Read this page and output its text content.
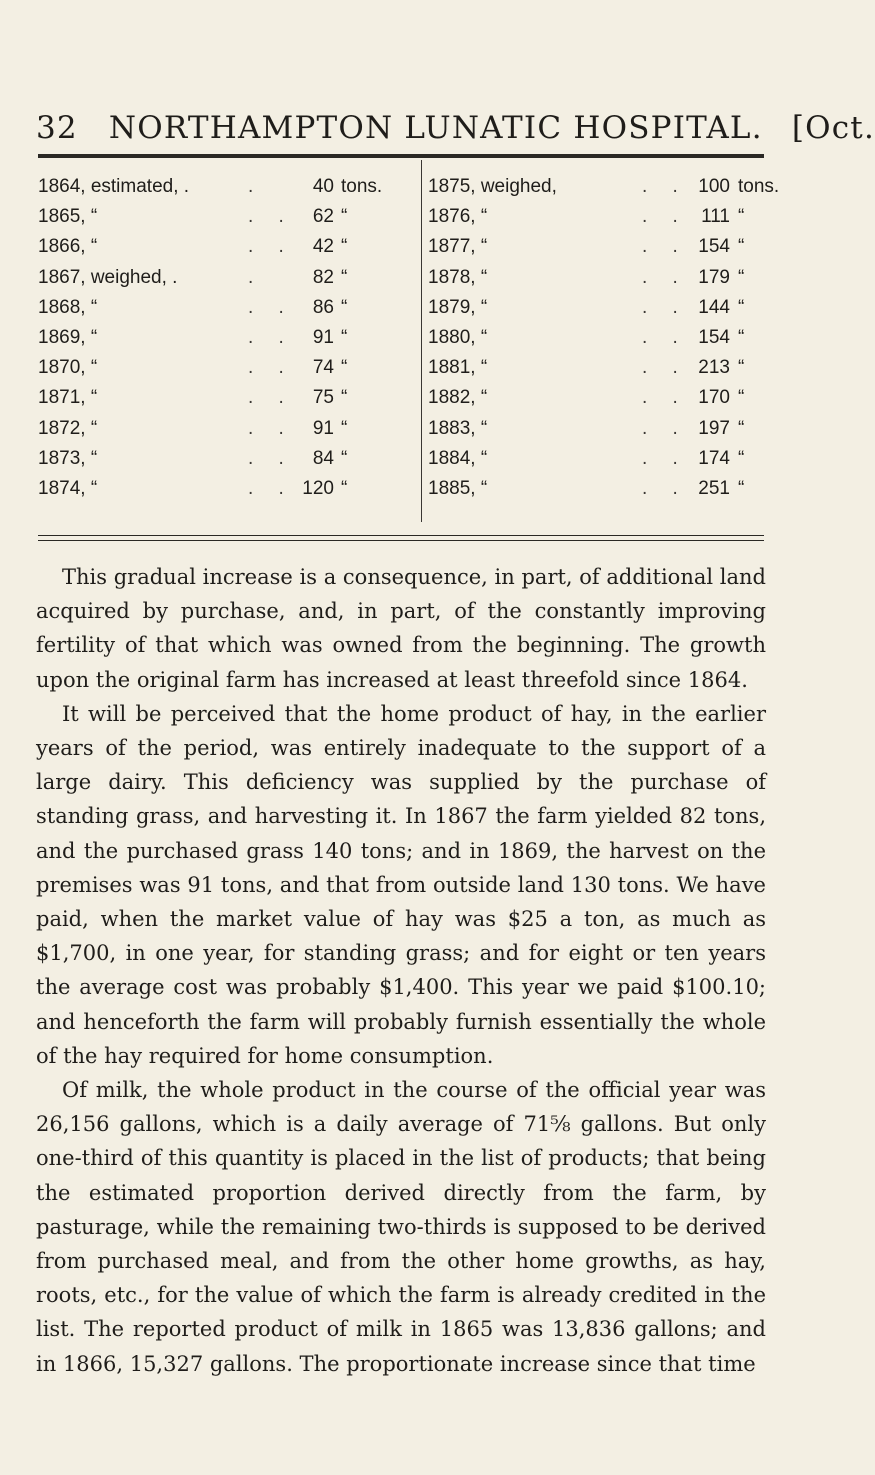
32 NORTHAMPTON LUNATIC HOSPITAL. [Oct.
1864, estimated, .	.	40 tons.
1865, “	. .	62 “
1866, “	. .	42 “
1867, weighed, .	.	82 “
1868, “	. .	86 “
1869, “	. .	91 “
1870, “	. .	74 “
1871, “	. .	75 “
1872, “	. .	91 “
1873, “	. .	84 “
1874, “	. . 120 “
1875, weighed,	. . 100 tons.
1876, “	. . 111 “
1877, “	. . 154 “
1878, “	. . 179 “
1879, “	. . 144 “
1880, “	. . 154 “
1881, “	. . 213 “
1882, “	. . 170 “
1883, “	. . 197 “
1884, “	. . 174 “
1885, “	. . 251 “

This gradual increase is a consequence, in part, of additional land acquired by purchase, and, in part, of the constantly improving fertility of that which was owned from the beginning. The growth upon the original farm has increased at least threefold since 1864.

It will be perceived that the home product of hay, in the earlier years of the period, was entirely inadequate to the support of a large dairy. This deficiency was supplied by the purchase of standing grass, and harvesting it. In 1867 the farm yielded 82 tons, and the purchased grass 140 tons; and in 1869, the harvest on the premises was 91 tons, and that from outside land 130 tons. We have paid, when the market value of hay was $25 a ton, as much as $1,700, in one year, for standing grass; and for eight or ten years the average cost was probably $1,400. This year we paid $100.10; and henceforth the farm will probably furnish essentially the whole of the hay required for home consumption.

Of milk, the whole product in the course of the official year was 26,156 gallons, which is a daily average of 71⅝ gallons. But only one-third of this quantity is placed in the list of products; that being the estimated proportion derived directly from the farm, by pasturage, while the remaining two-thirds is supposed to be derived from purchased meal, and from the other home growths, as hay, roots, etc., for the value of which the farm is already credited in the list. The reported product of milk in 1865 was 13,836 gallons; and in 1866, 15,327 gallons. The proportionate increase since that time
